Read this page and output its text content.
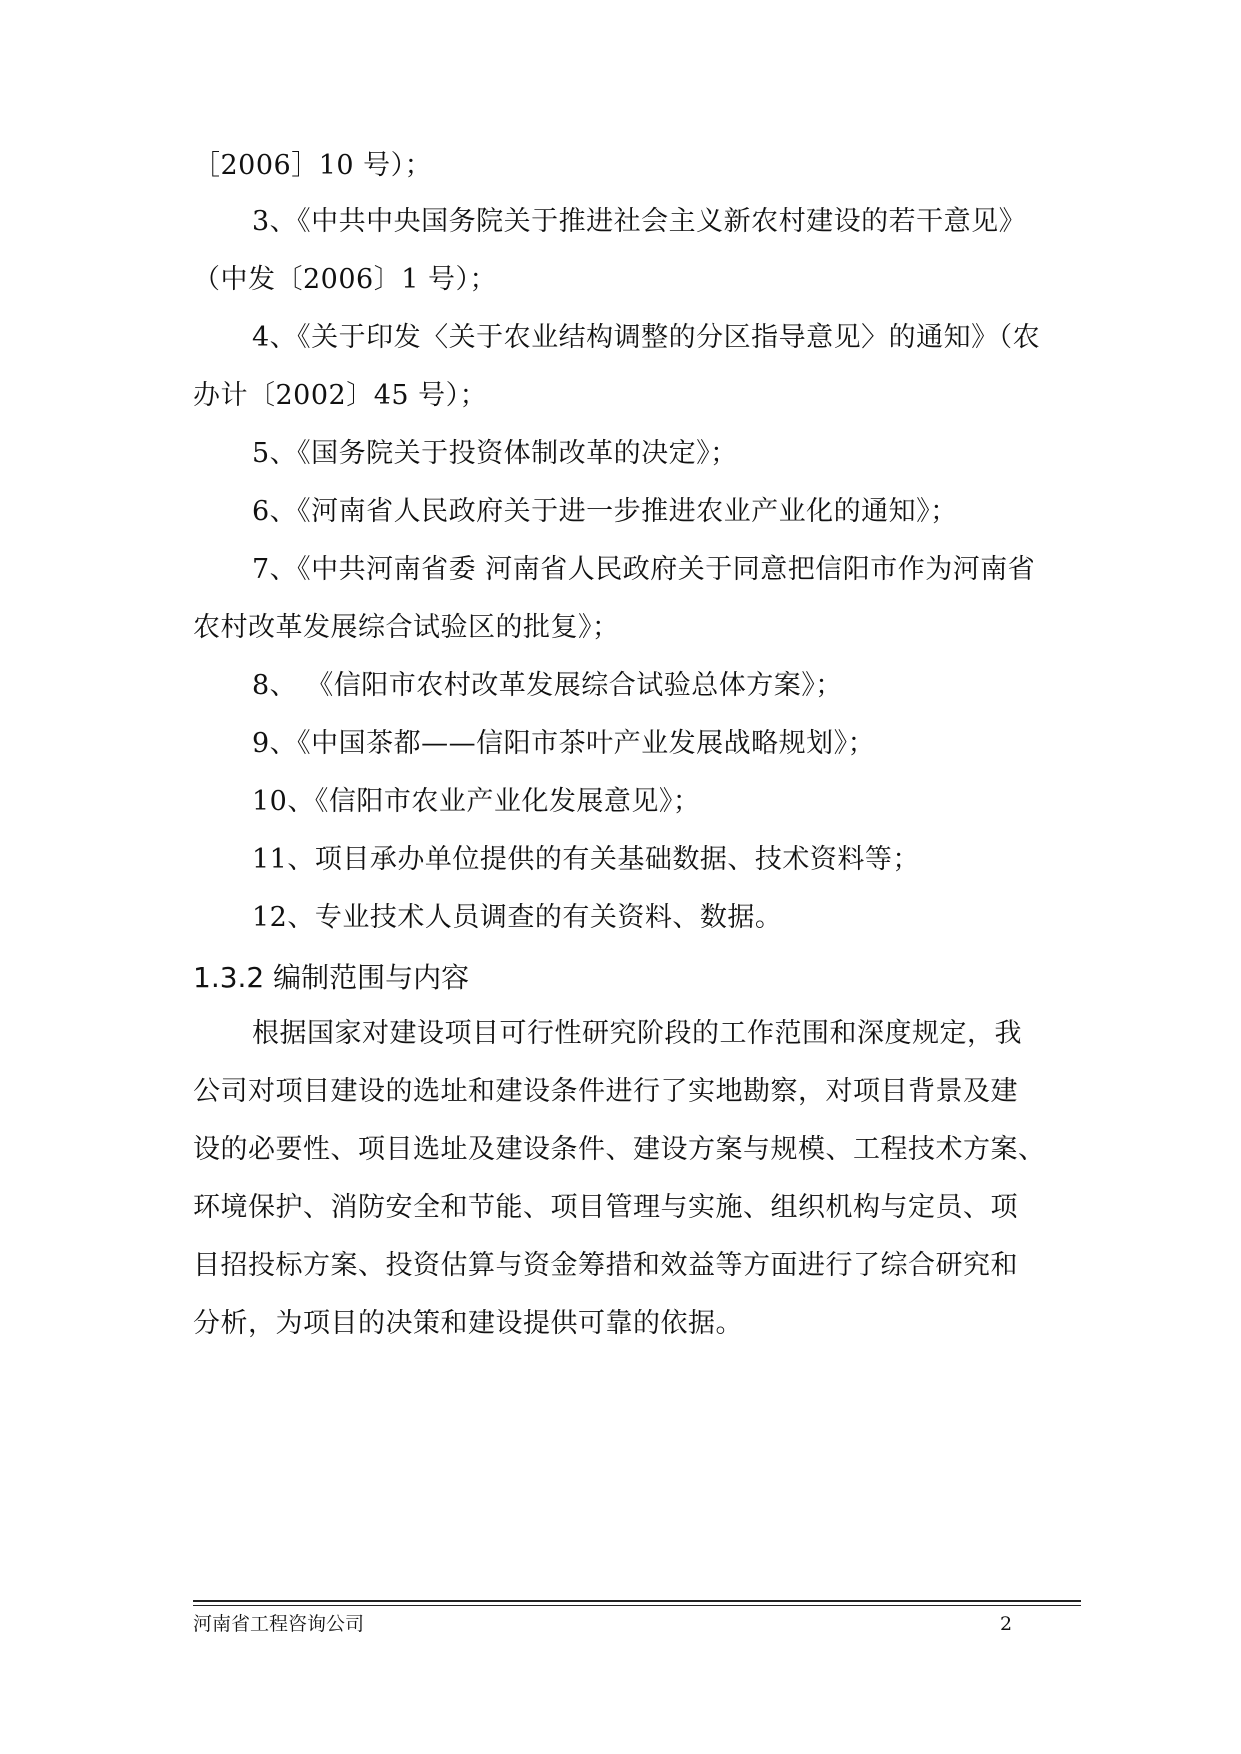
［2006］10 号）；
3、《中共中央国务院关于推进社会主义新农村建设的若干意见》
（中发〔2006〕1 号）；
4、《关于印发〈关于农业结构调整的分区指导意见〉的通知》（农
办计〔2002〕45 号）；
5、《国务院关于投资体制改革的决定》；
6、《河南省人民政府关于进一步推进农业产业化的通知》；
7、《中共河南省委 河南省人民政府关于同意把信阳市作为河南省
农村改革发展综合试验区的批复》；
8、 《信阳市农村改革发展综合试验总体方案》；
9、《中国茶都——信阳市茶叶产业发展战略规划》；
10、《信阳市农业产业化发展意见》；
11、项目承办单位提供的有关基础数据、技术资料等；
12、专业技术人员调查的有关资料、数据。
1.3.2 编制范围与内容
根据国家对建设项目可行性研究阶段的工作范围和深度规定，我
公司对项目建设的选址和建设条件进行了实地勘察，对项目背景及建
设的必要性、项目选址及建设条件、建设方案与规模、工程技术方案、
环境保护、消防安全和节能、项目管理与实施、组织机构与定员、项
目招投标方案、投资估算与资金筹措和效益等方面进行了综合研究和
分析，为项目的决策和建设提供可靠的依据。
河南省工程咨询公司	2
